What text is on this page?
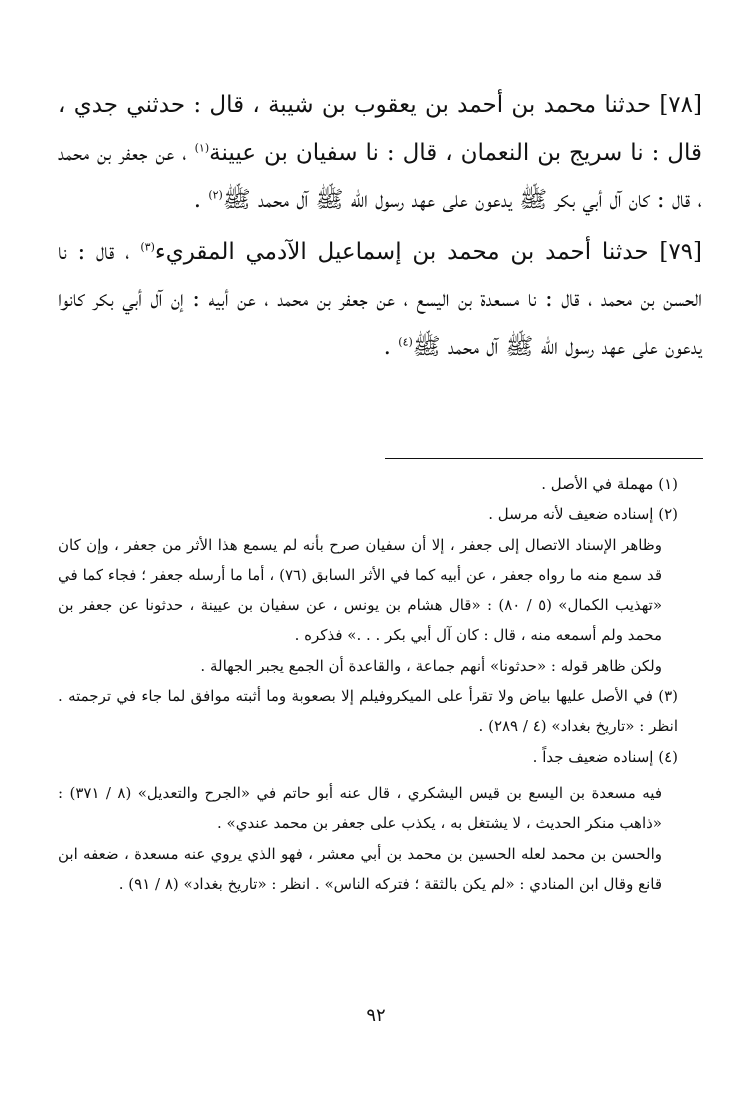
[٧٨] حدثنا محمد بن أحمد بن يعقوب بن شيبة ، قال : حدثني جدي ، قال : نا سريج بن النعمان ، قال : نا سفيان بن عيينة$^{(١)}$ ، عن جعفر بن محمد ، قال : كان آل أبي بكر ﷺ يدعون على عهد رسول الله ﷺ آل محمد ﷺ$^{(٢)}$ .

[٧٩] حدثنا أحمد بن محمد بن إسماعيل الآدمي المقريء$^{(٣)}$ ، قال : نا الحسن بن محمد ، قال : نا مسعدة بن اليسع ، عن جعفر بن محمد ، عن أبيه : إن آل أبي بكر كانوا يدعون على عهد رسول الله ﷺ آل محمد ﷺ$^{(٤)}$ .

(١) مهملة في الأصل .

(٢) إسناده ضعيف لأنه مرسل .

وظاهر الإسناد الاتصال إلى جعفر ، إلا أن سفيان صرح بأنه لم يسمع هذا الأثر من جعفر ، وإن كان قد سمع منه ما رواه جعفر ، عن أبيه كما في الأثر السابق (٧٦) ، أما ما أرسله جعفر ؛ فجاء كما في «تهذيب الكمال» (٥ / ٨٠) : «قال هشام بن يونس ، عن سفيان بن عيينة ، حدثونا عن جعفر بن محمد ولم أسمعه منه ، قال : كان آل أبي بكر . . .» فذكره .

ولكن ظاهر قوله : «حدثونا» أنهم جماعة ، والقاعدة أن الجمع يجبر الجهالة .

(٣) في الأصل عليها بياض ولا تقرأ على الميكروفيلم إلا بصعوبة وما أثبته موافق لما جاء في ترجمته . انظر : «تاريخ بغداد» (٤ / ٢٨٩) .

(٤) إسناده ضعيف جداً .

فيه مسعدة بن اليسع بن قيس اليشكري ، قال عنه أبو حاتم في «الجرح والتعديل» (٨ / ٣٧١) : «ذاهب منكر الحديث ، لا يشتغل به ، يكذب على جعفر بن محمد عندي» .

والحسن بن محمد لعله الحسين بن محمد بن أبي معشر ، فهو الذي يروي عنه مسعدة ، ضعفه ابن قانع وقال ابن المنادي : «لم يكن بالثقة ؛ فتركه الناس» . انظر : «تاريخ بغداد» (٨ / ٩١) .

٩٢
